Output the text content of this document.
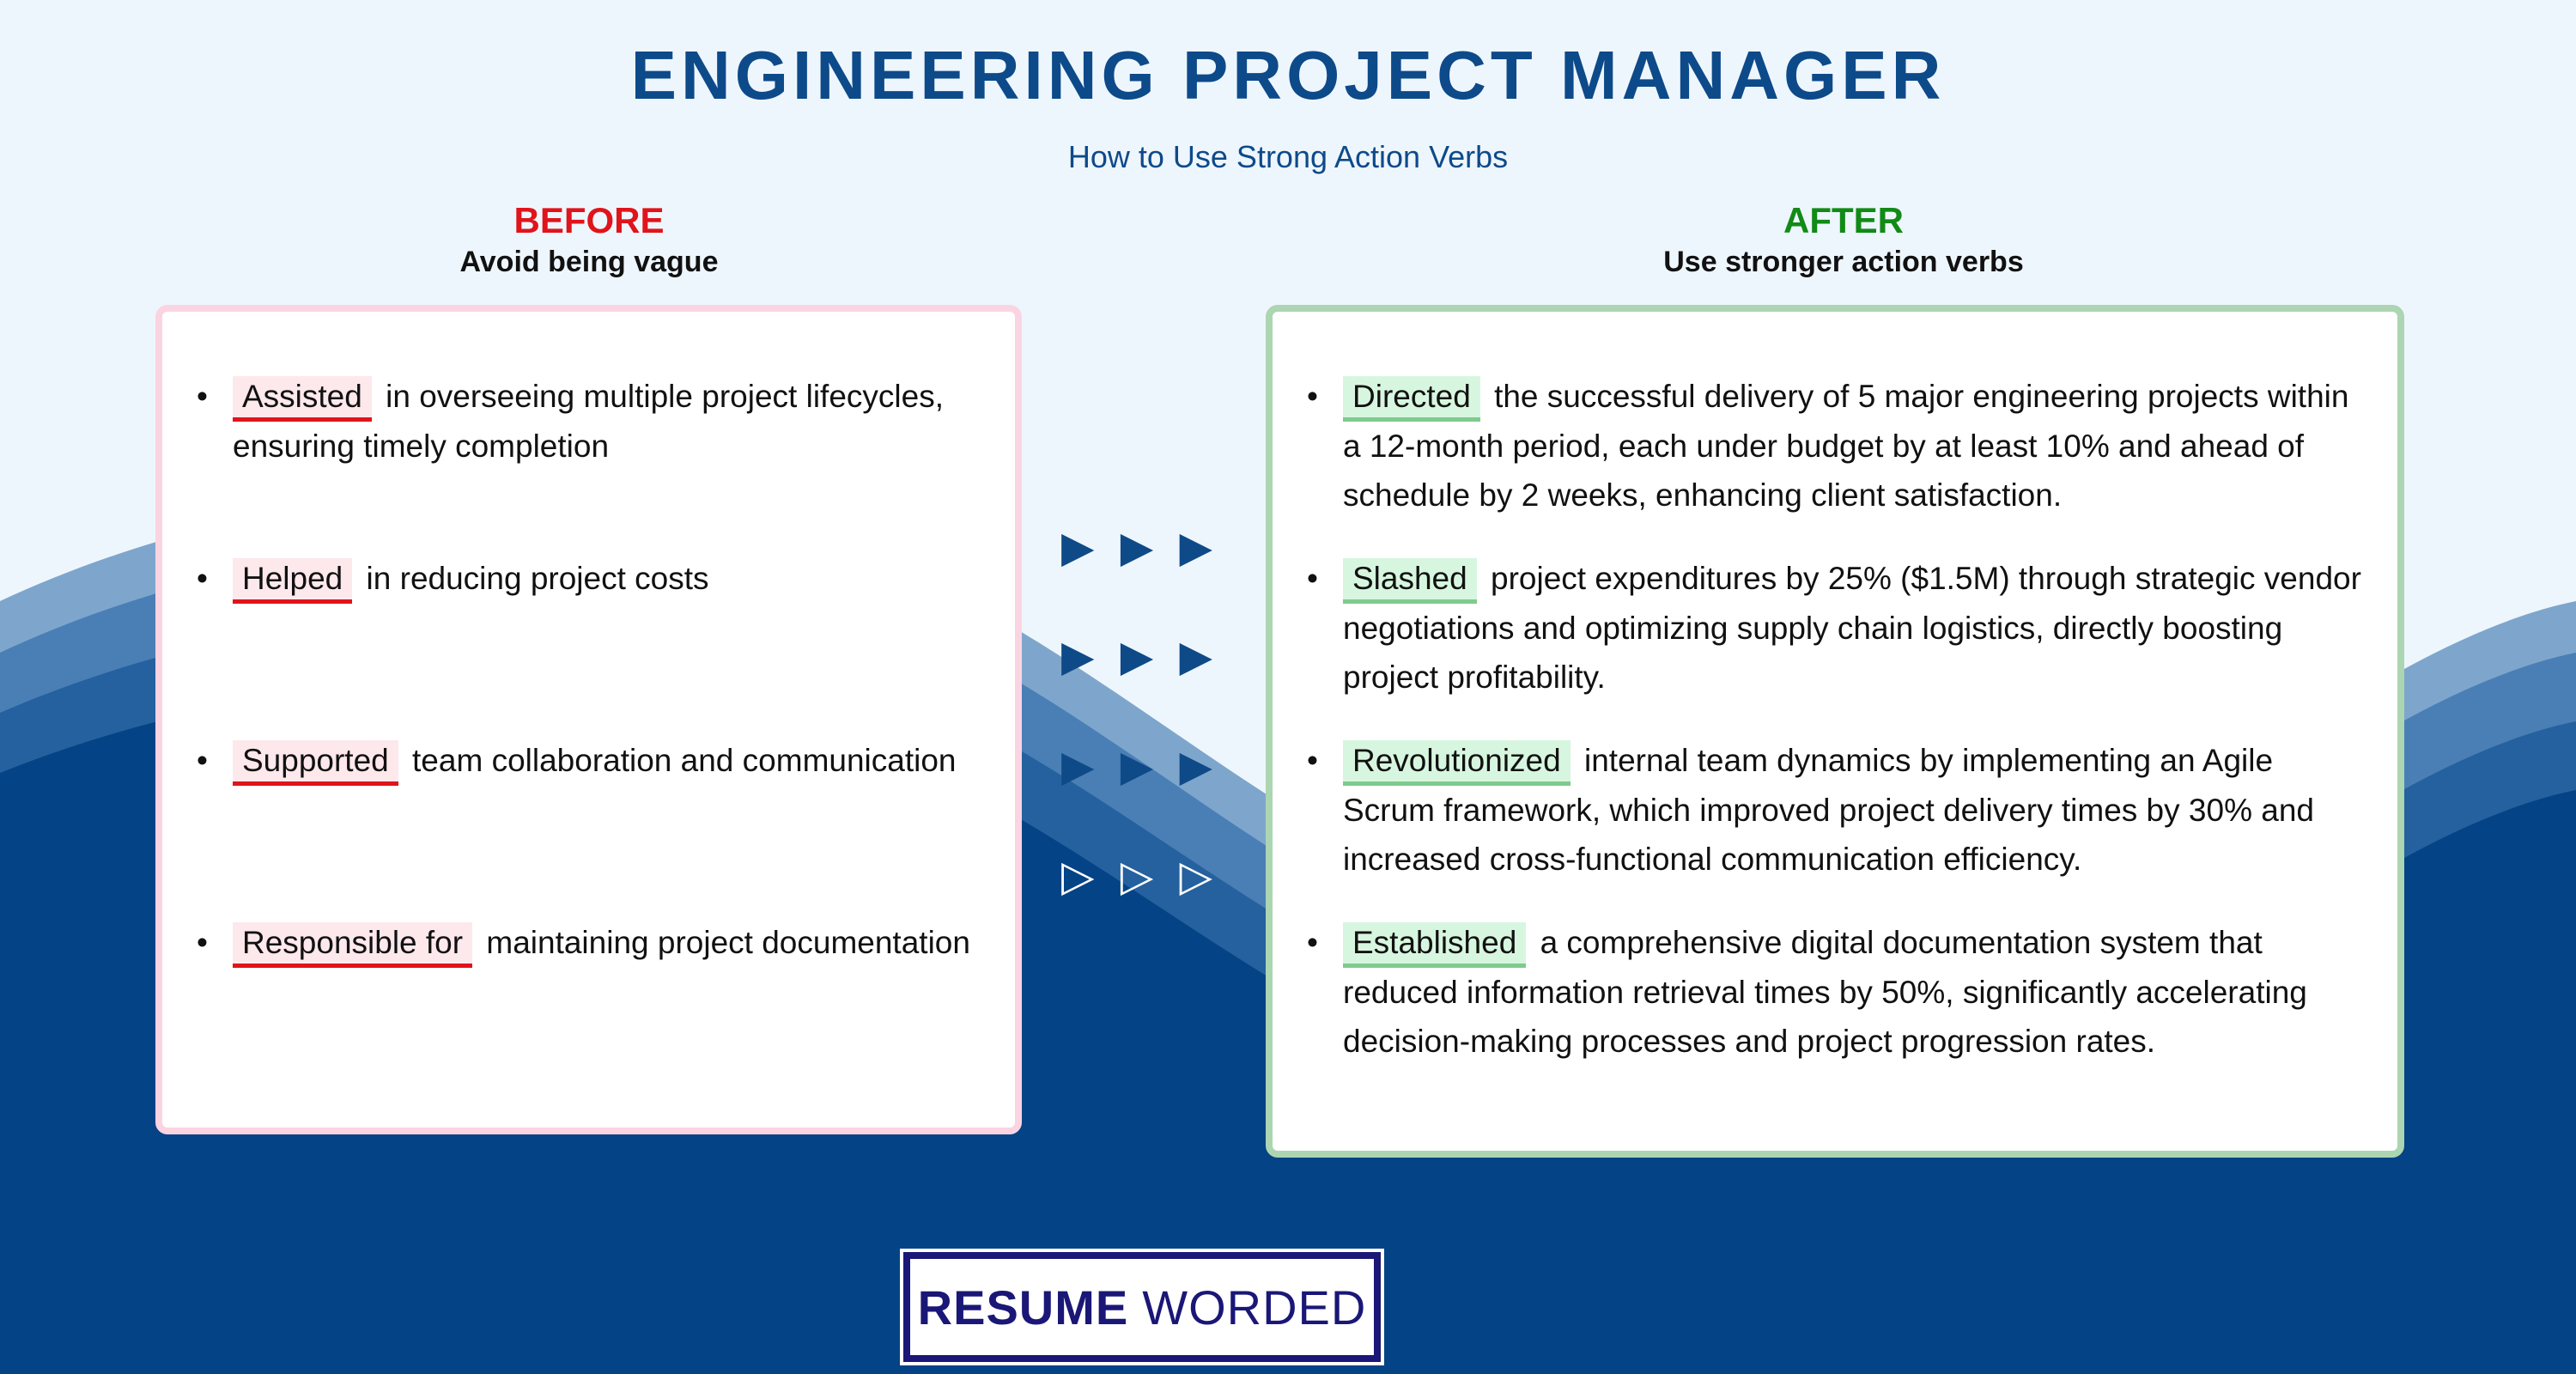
ENGINEERING PROJECT MANAGER
How to Use Strong Action Verbs
BEFORE
Avoid being vague
AFTER
Use stronger action verbs
• Assisted in overseeing multiple project lifecycles, ensuring timely completion
• Helped in reducing project costs
• Supported team collaboration and communication
• Responsible for maintaining project documentation
▶ ▶ ▶
▶ ▶ ▶
▶ ▶ ▶
▷ ▷ ▷
• Directed the successful delivery of 5 major engineering projects within a 12-month period, each under budget by at least 10% and ahead of schedule by 2 weeks, enhancing client satisfaction.
• Slashed project expenditures by 25% ($1.5M) through strategic vendor negotiations and optimizing supply chain logistics, directly boosting project profitability.
• Revolutionized internal team dynamics by implementing an Agile Scrum framework, which improved project delivery times by 30% and increased cross-functional communication efficiency.
• Established a comprehensive digital documentation system that reduced information retrieval times by 50%, significantly accelerating decision-making processes and project progression rates.
RESUME WORDED
